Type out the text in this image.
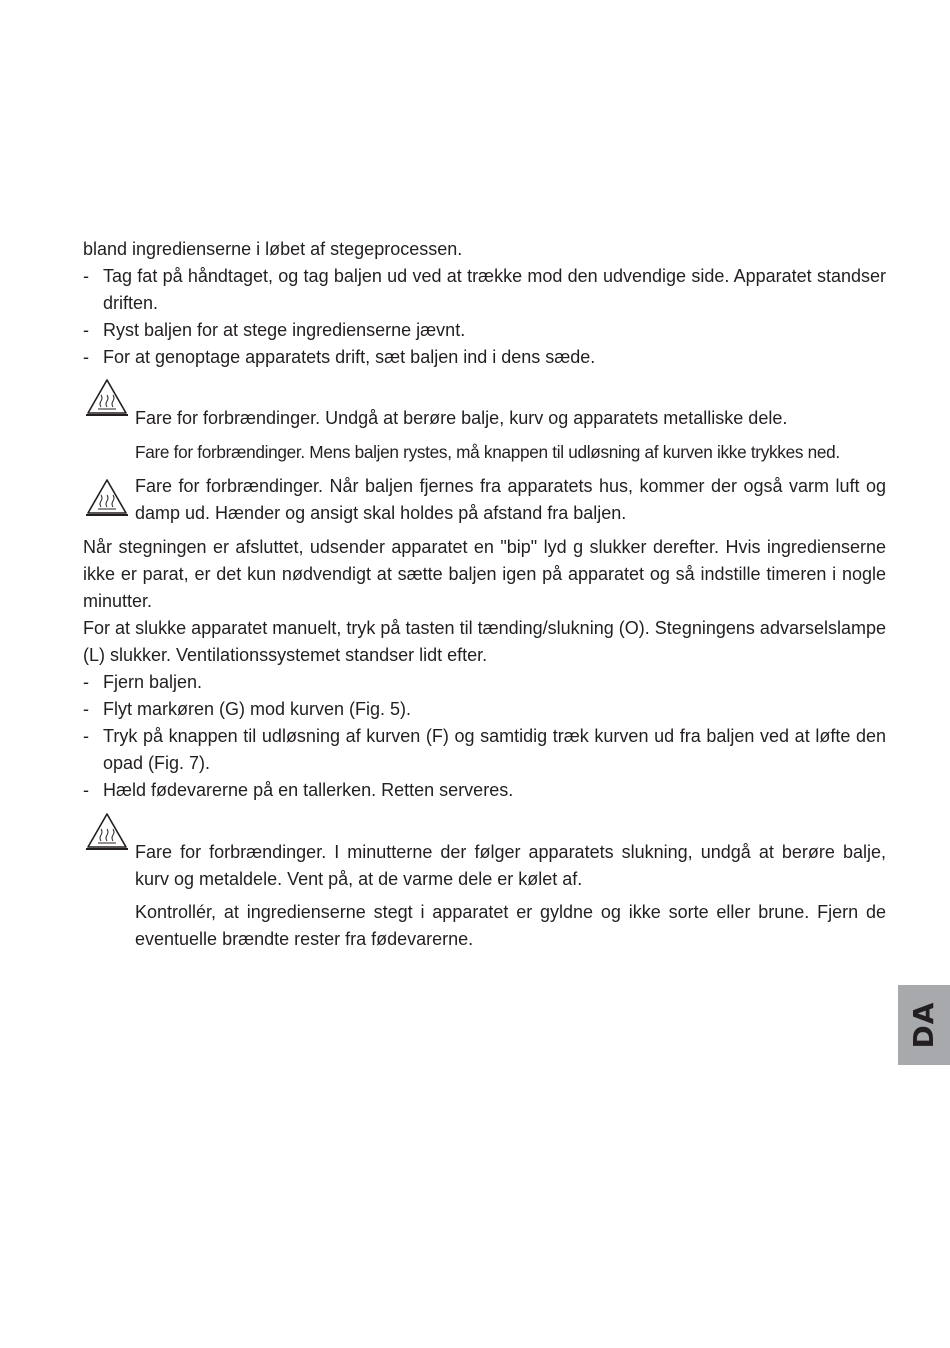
bland ingredienserne i løbet af stegeprocessen.

- Tag fat på håndtaget, og tag baljen ud ved at trække mod den udvendige side. Apparatet standser driften.

- Ryst baljen for at stege ingredienserne jævnt.

- For at genoptage apparatets drift, sæt baljen ind i dens sæde.

Fare for forbrændinger. Undgå at berøre balje, kurv og apparatets metalliske dele.

Fare for forbrændinger. Mens baljen rystes, må knappen til udløsning af kurven ikke trykkes ned.

Fare for forbrændinger. Når baljen fjernes fra apparatets hus, kommer der også varm luft og damp ud. Hænder og ansigt skal holdes på afstand fra baljen.

Når stegningen er afsluttet, udsender apparatet en "bip" lyd g slukker derefter. Hvis ingredienserne ikke er parat, er det kun nødvendigt at sætte baljen igen på apparatet og så indstille timeren i nogle minutter.

For at slukke apparatet manuelt, tryk på tasten til tænding/slukning (O). Stegningens advarselslampe (L) slukker. Ventilationssystemet standser lidt efter.

- Fjern baljen.

- Flyt markøren (G) mod kurven (Fig. 5).

- Tryk på knappen til udløsning af kurven (F) og samtidig træk kurven ud fra baljen ved at løfte den opad (Fig. 7).

- Hæld fødevarerne på en tallerken. Retten serveres.

Fare for forbrændinger. I minutterne der følger apparatets slukning, undgå at berøre balje, kurv og metaldele. Vent på, at de varme dele er kølet af.

Kontrollér, at ingredienserne stegt i apparatet er gyldne og ikke sorte eller brune. Fjern de eventuelle brændte rester fra fødevarerne.

DA
